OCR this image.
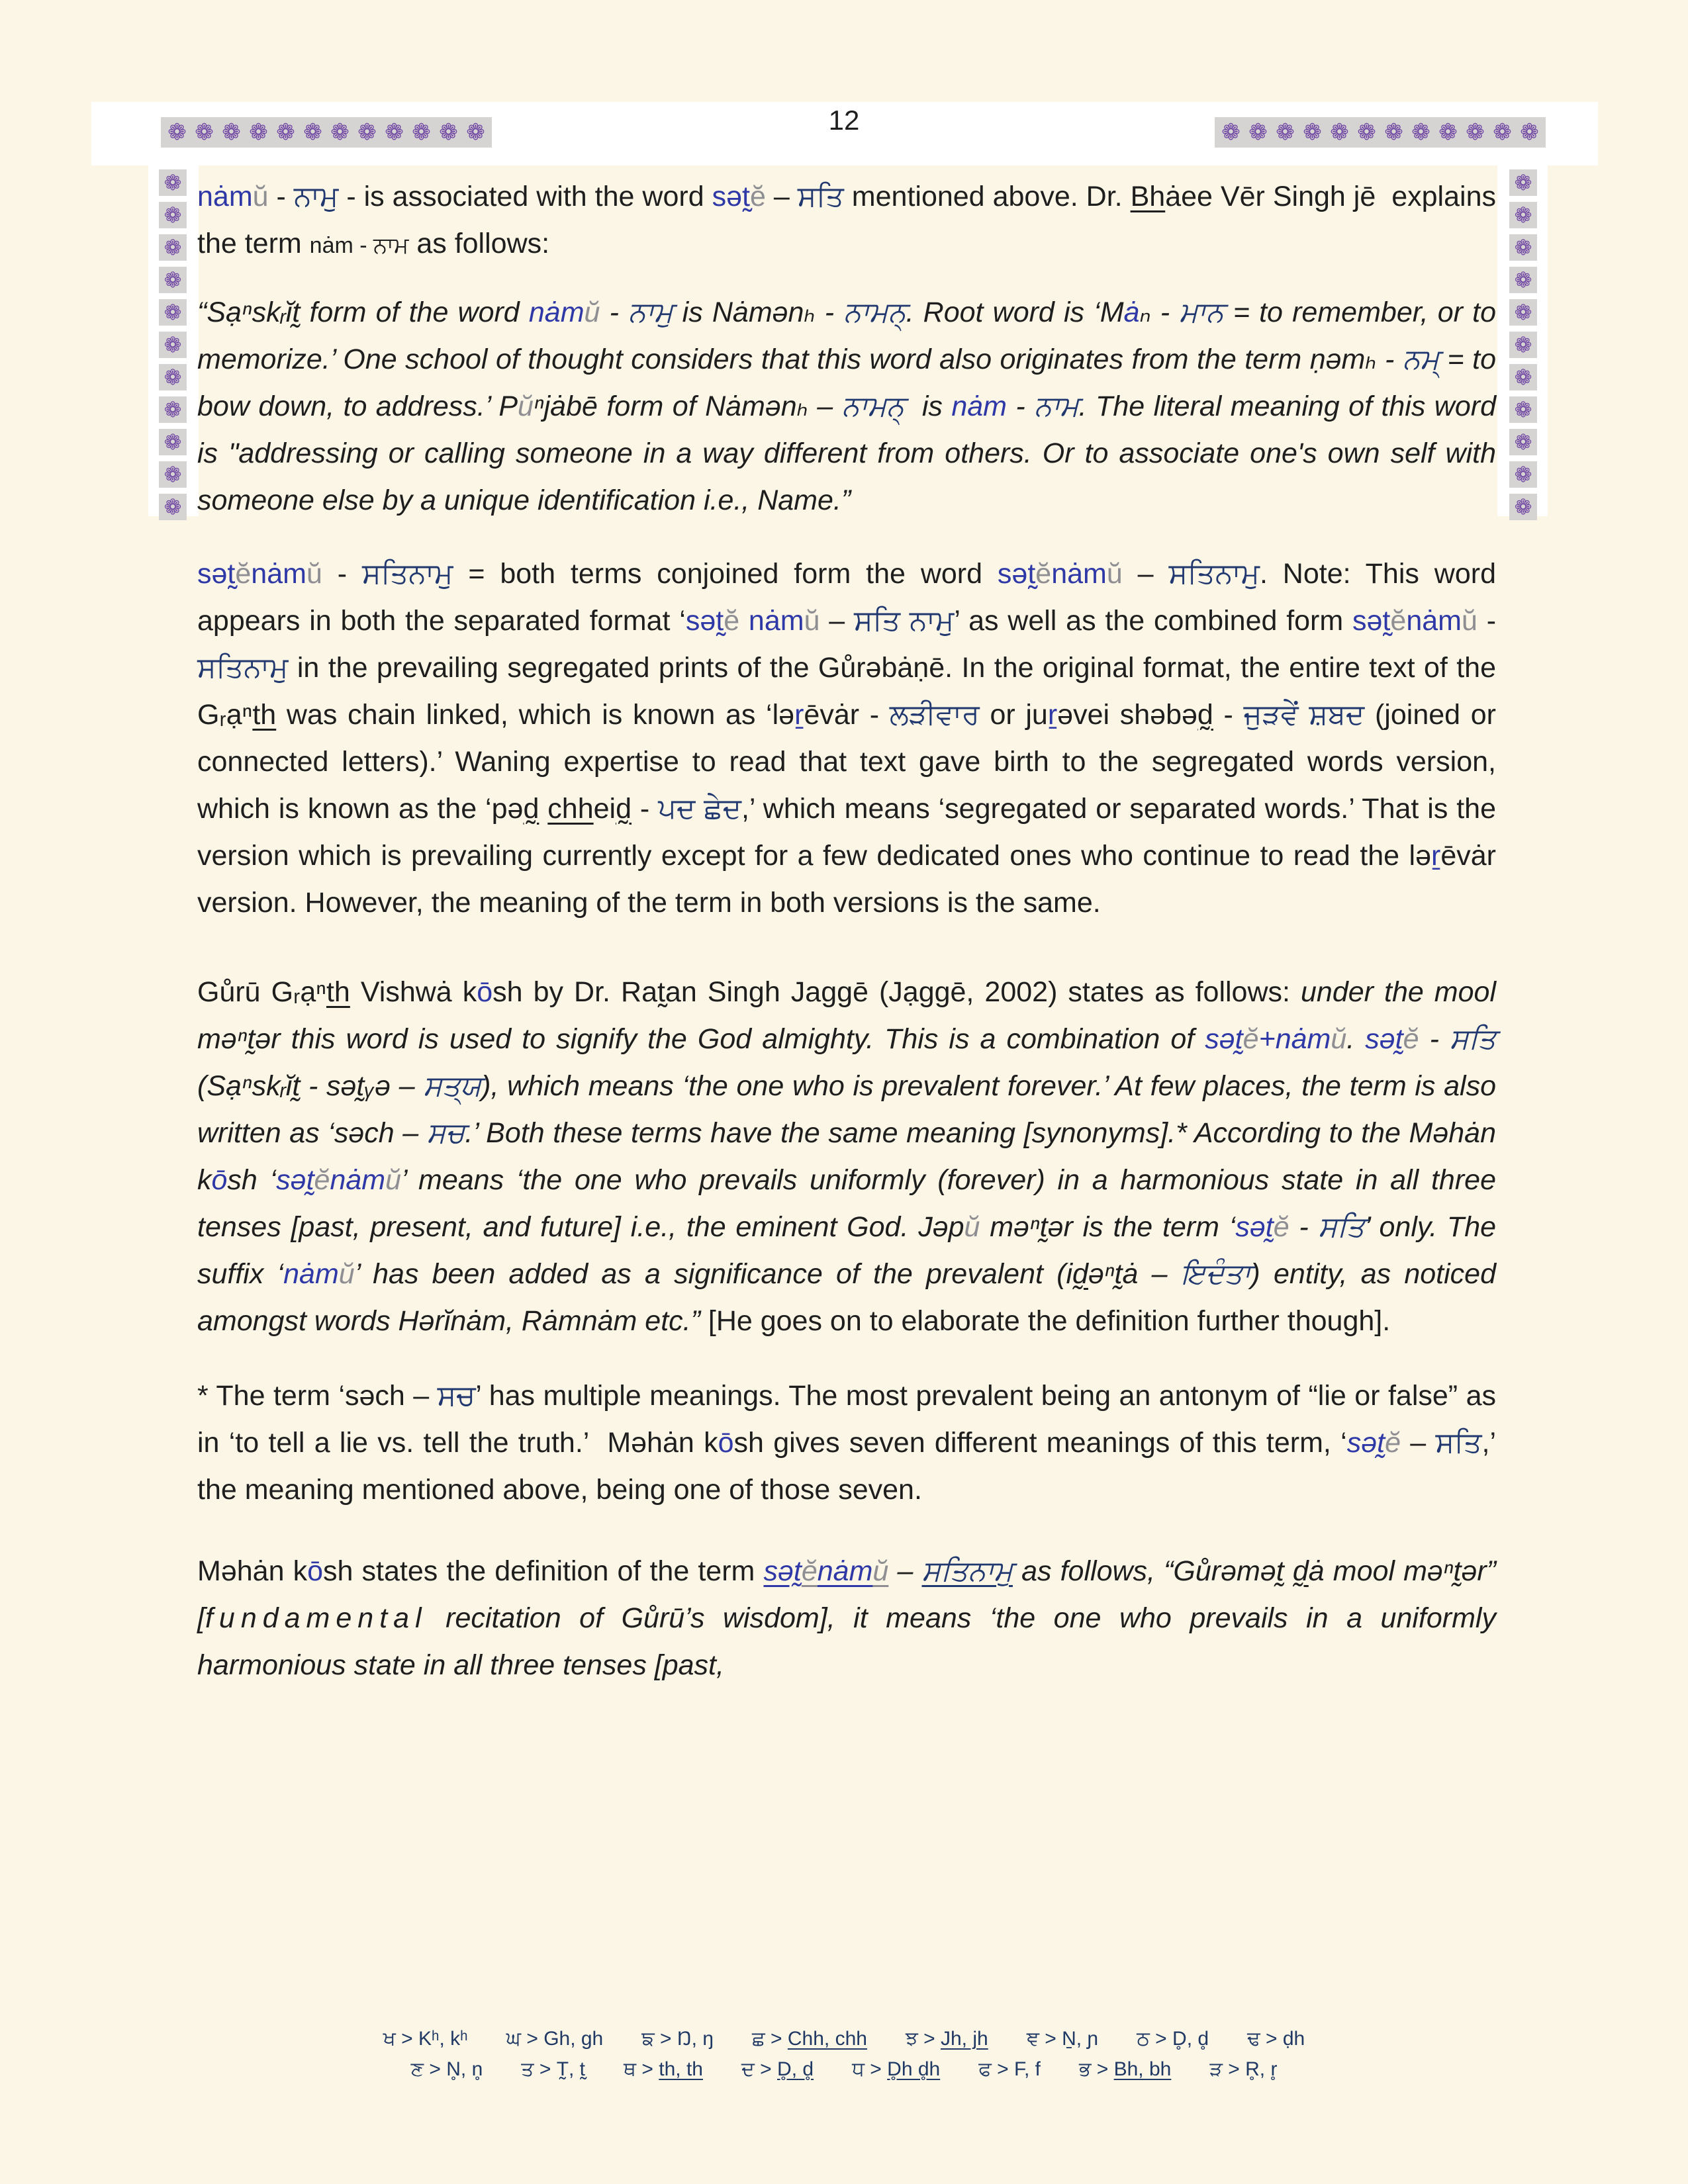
12
❁ ❁ ❁ ❁ ❁ ❁ ❁ ❁ ❁ ❁ ❁ ❁	❁ ❁ ❁ ❁ ❁ ❁ ❁ ❁ ❁ ❁ ❁ ❁
❁
❁
❁
❁
❁
❁
❁
❁
❁
❁
❁
❁
❁
❁
❁
❁
❁
❁
❁
❁
❁
❁

nȧmŭ - ਨਾਮੁ - is associated with the word sət̰ĕ – ਸਤਿ mentioned above. Dr. Bhȧee Vēr Singh jē  explains the term nȧm - ਨਾਮ as follows:

“Sạⁿskᵣĭt̰ form of the word nȧmŭ - ਨਾਮੁ is Nȧmənₕ - ਨਾਮਨ੍. Root word is ‘Mȧₙ - ਮਾਨ = to remember, or to memorize.’ One school of thought considers that this word also originates from the term ṇəmₕ - ਨਮ੍ = to bow down, to address.’ Pŭⁿjȧbē form of Nȧmənₕ – ਨਾਮਨ੍  is nȧm - ਨਾਮ. The literal meaning of this word is "addressing or calling someone in a way different from others. Or to associate one's own self with someone else by a unique identification i.e., Name.”

sət̰ĕnȧmŭ - ਸਤਿਨਾਮੁ = both terms conjoined form the word sət̰ĕnȧmŭ – ਸਤਿਨਾਮੁ. Note: This word appears in both the separated format ‘sət̰ĕ nȧmŭ – ਸਤਿ ਨਾਮੁ’ as well as the combined form sət̰ĕnȧmŭ - ਸਤਿਨਾਮੁ in the prevailing segregated prints of the Gůrəbȧṇē. In the original format, the entire text of the Gᵣạⁿth was chain linked, which is known as ‘ləṟēvȧr - ਲੜੀਵਾਰ or juṟəvei shəbəd̰ - ਜੁੜਵੇਂ ਸ਼ਬਦ (joined or connected letters).’ Waning expertise to read that text gave birth to the segregated words version, which is known as the ‘pəd̰ chheid̰ - ਪਦ ਛੇਦ,’ which means ‘segregated or separated words.’ That is the version which is prevailing currently except for a few dedicated ones who continue to read the ləṟēvȧr version. However, the meaning of the term in both versions is the same.

Gůrū Gᵣạⁿth Vishwȧ kōsh by Dr. Rat̰an Singh Jaggē (Jạggē, 2002) states as follows: under the mool məⁿt̰ər this word is used to signify the God almighty. This is a combination of sət̰ĕ+nȧmŭ. sət̰ĕ - ਸਤਿ (Sạⁿskᵣĭt̰ - sət̰ᵧə – ਸਤ੍ਯ), which means ‘the one who is prevalent forever.’ At few places, the term is also written as ‘səch – ਸਚ.’ Both these terms have the same meaning [synonyms].* According to the Məhȧn kōsh ‘sət̰ĕnȧmŭ’ means ‘the one who prevails uniformly (forever) in a harmonious state in all three tenses [past, present, and future] i.e., the eminent God. Jəpŭ məⁿt̰ər is the term ‘sət̰ĕ - ਸਤਿ’ only. The suffix ‘nȧmŭ’ has been added as a significance of the prevalent (id̰əⁿt̰ȧ – ਇਦੰਤਾ) entity, as noticed amongst words Hərĭnȧm, Rȧmnȧm etc.” [He goes on to elaborate the definition further though].

* The term ‘səch – ਸਚ’ has multiple meanings. The most prevalent being an antonym of “lie or false” as in ‘to tell a lie vs. tell the truth.’  Məhȧn kōsh gives seven different meanings of this term, ‘sət̰ĕ – ਸਤਿ,’ the meaning mentioned above, being one of those seven.

Məhȧn kōsh states the definition of the term sət̰ĕnȧmŭ – ਸਤਿਨਾਮੁ as follows, “Gůrəmət̰ d̰ȧ mool məⁿt̰ər” [fundamental recitation of Gůrū’s wisdom], it means ‘the one who prevails in a uniformly harmonious state in all three tenses [past,

ਖ > Kʰ, kʰ ਘ > Gh, gh ਙ > Ŋ, ŋ ਛ > Chh, chh ਝ > Jh, jh ਞ > Ṉ, ɲ ਠ > D̥, d̥ ਢ > ḍh
ਣ > N̥, n̥ ਤ > T̰, t̰ ਥ > th, th ਦ > D̥, d̥ ਧ > D̥h d̥h ਫ > F, f ਭ > Bh, bh ੜ > R̥, r̥
